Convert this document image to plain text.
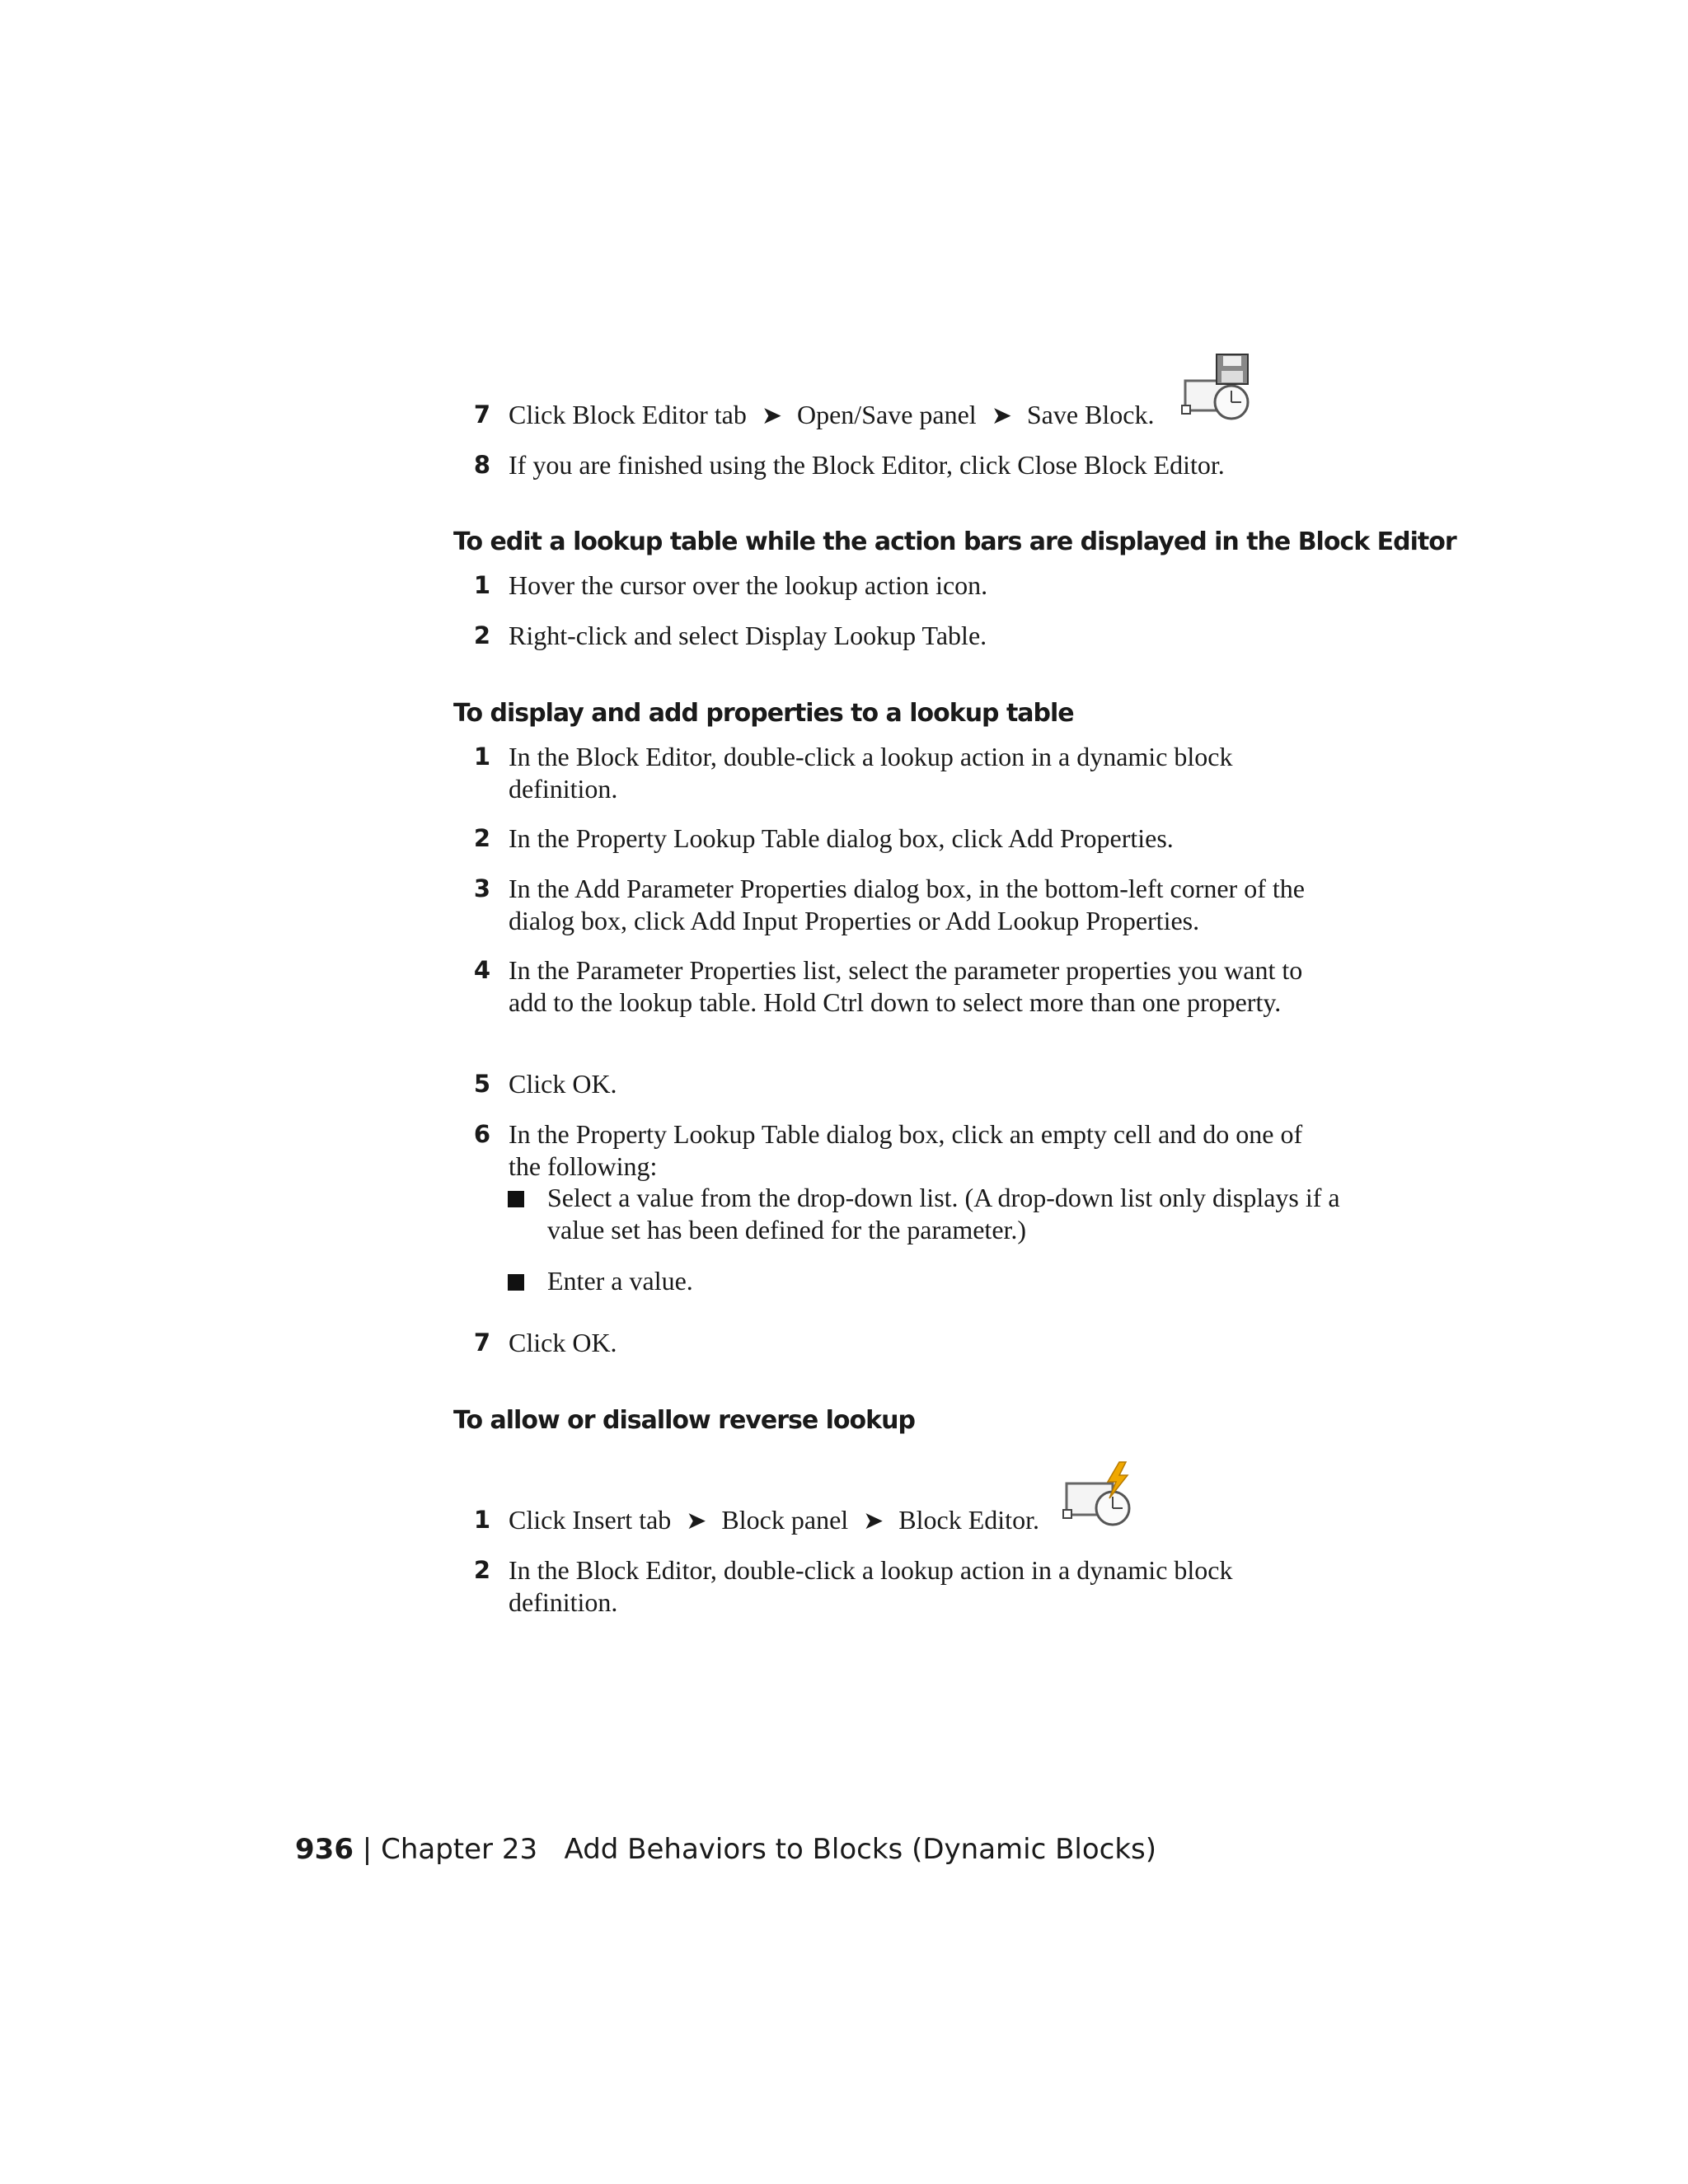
7 Click Block Editor tab ➤ Open/Save panel ➤ Save Block.
8 If you are finished using the Block Editor, click Close Block Editor.
To edit a lookup table while the action bars are displayed in the Block Editor
1 Hover the cursor over the lookup action icon.
2 Right-click and select Display Lookup Table.
To display and add properties to a lookup table
1 In the Block Editor, double-click a lookup action in a dynamic block definition.
2 In the Property Lookup Table dialog box, click Add Properties.
3 In the Add Parameter Properties dialog box, in the bottom-left corner of the dialog box, click Add Input Properties or Add Lookup Properties.
4 In the Parameter Properties list, select the parameter properties you want to add to the lookup table. Hold Ctrl down to select more than one property.
5 Click OK.
6 In the Property Lookup Table dialog box, click an empty cell and do one of the following:
Select a value from the drop-down list. (A drop-down list only displays if a value set has been defined for the parameter.)
Enter a value.
7 Click OK.
To allow or disallow reverse lookup
1 Click Insert tab ➤ Block panel ➤ Block Editor.
2 In the Block Editor, double-click a lookup action in a dynamic block definition.
936 | Chapter 23 Add Behaviors to Blocks (Dynamic Blocks)
